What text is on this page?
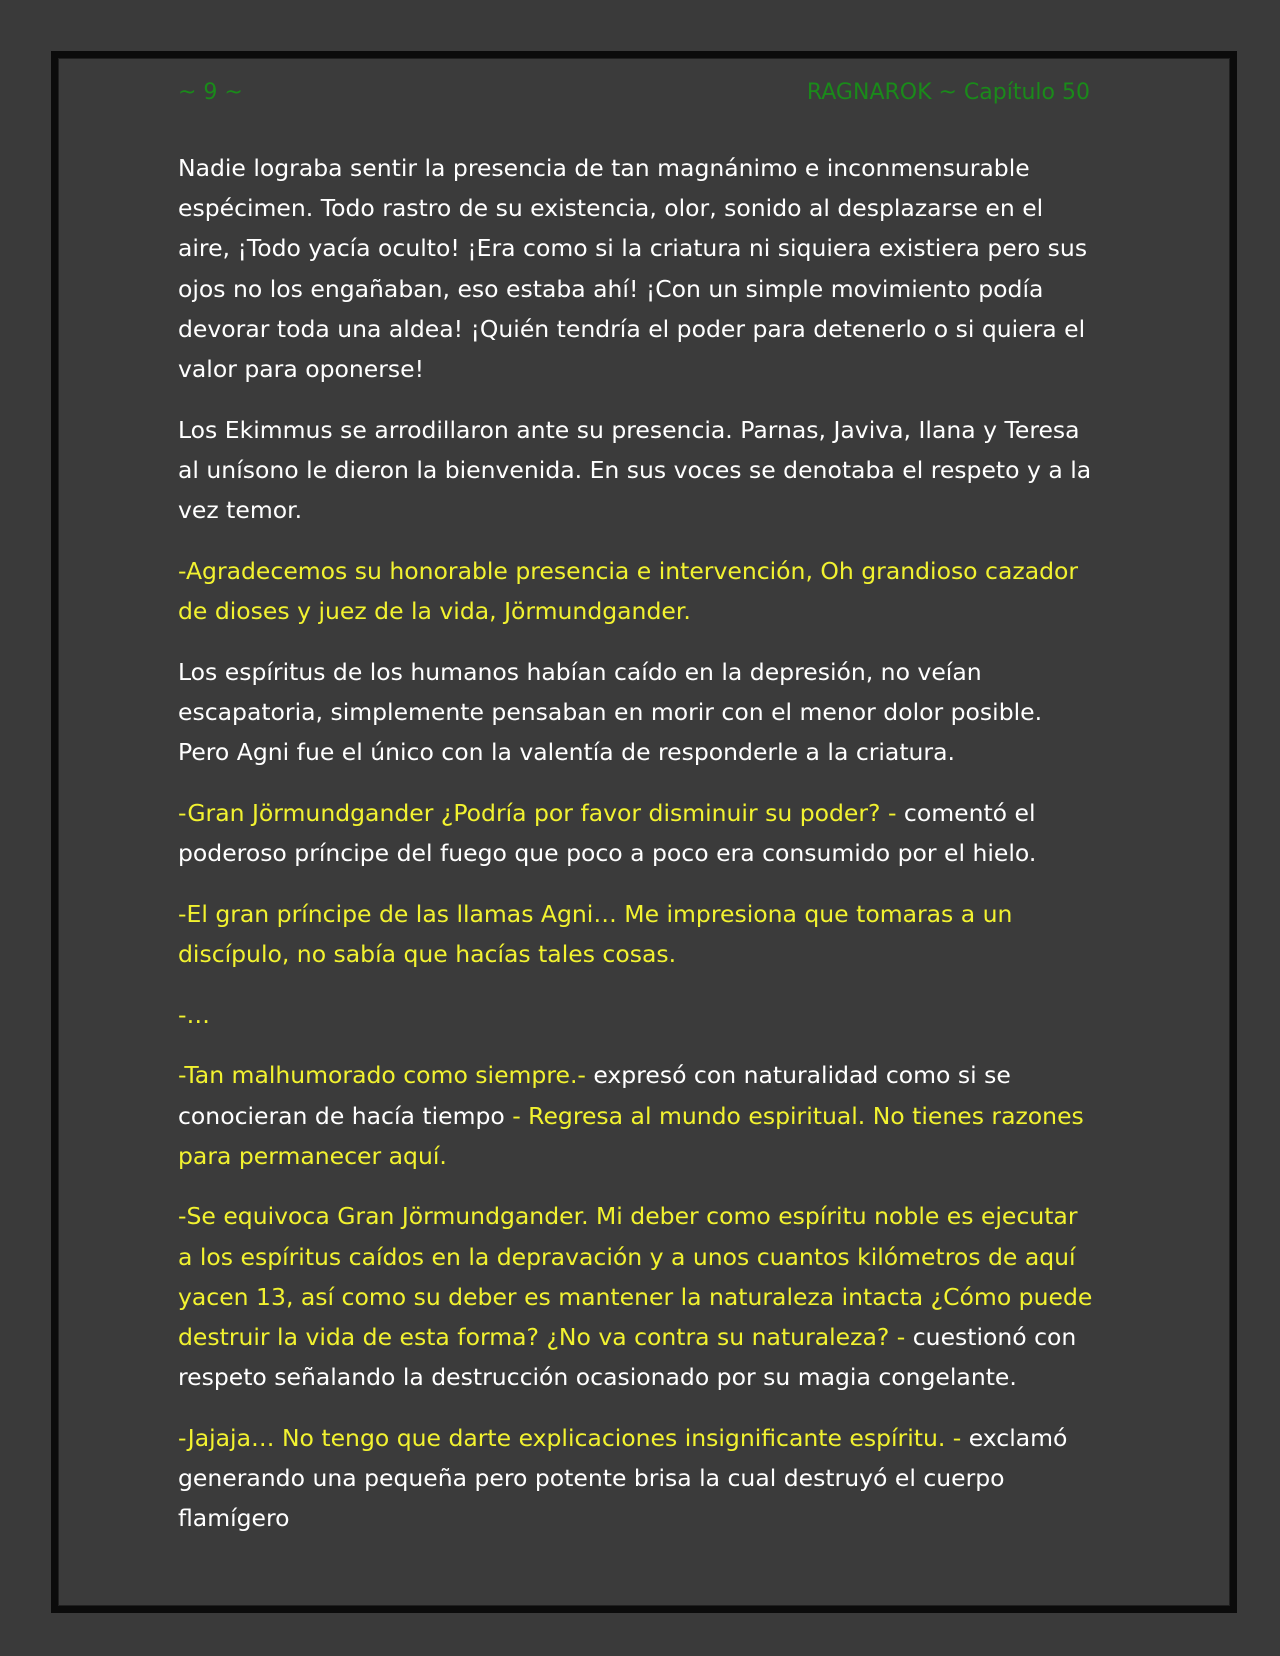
~ 9 ~	RAGNAROK ~ Capítulo 50

Nadie lograba sentir la presencia de tan magnánimo e inconmensurable espécimen. Todo rastro de su existencia, olor, sonido al desplazarse en el aire, ¡Todo yacía oculto! ¡Era como si la criatura ni siquiera existiera pero sus ojos no los engañaban, eso estaba ahí! ¡Con un simple movimiento podía devorar toda una aldea! ¡Quién tendría el poder para detenerlo o si quiera el valor para oponerse!

Los Ekimmus se arrodillaron ante su presencia. Parnas, Javiva, Ilana y Teresa al unísono le dieron la bienvenida. En sus voces se denotaba el respeto y a la vez temor.

-Agradecemos su honorable presencia e intervención, Oh grandioso cazador de dioses y juez de la vida, Jörmundgander.

Los espíritus de los humanos habían caído en la depresión, no veían escapatoria, simplemente pensaban en morir con el menor dolor posible. Pero Agni fue el único con la valentía de responderle a la criatura.

-Gran Jörmundgander ¿Podría por favor disminuir su poder? - comentó el poderoso príncipe del fuego que poco a poco era consumido por el hielo.

-El gran príncipe de las llamas Agni… Me impresiona que tomaras a un discípulo, no sabía que hacías tales cosas.

-…

-Tan malhumorado como siempre.- expresó con naturalidad como si se conocieran de hacía tiempo - Regresa al mundo espiritual. No tienes razones para permanecer aquí.

-Se equivoca Gran Jörmundgander. Mi deber como espíritu noble es ejecutar a los espíritus caídos en la depravación y a unos cuantos kilómetros de aquí yacen 13, así como su deber es mantener la naturaleza intacta ¿Cómo puede destruir la vida de esta forma? ¿No va contra su naturaleza? - cuestionó con respeto señalando la destrucción ocasionado por su magia congelante.

-Jajaja… No tengo que darte explicaciones insignificante espíritu. - exclamó generando una pequeña pero potente brisa la cual destruyó el cuerpo flamígero
